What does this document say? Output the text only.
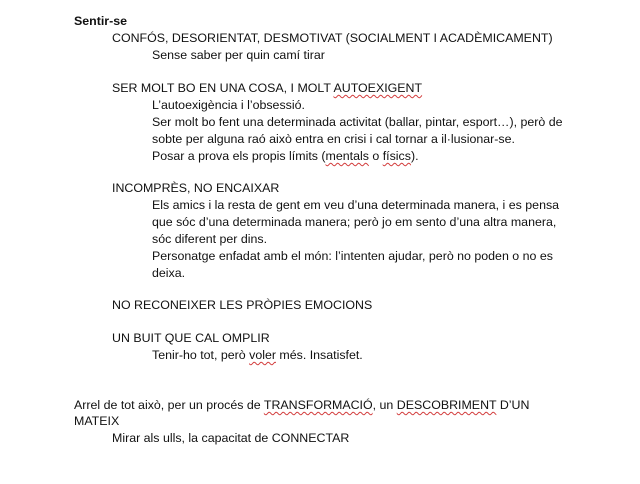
Sentir-se
CONFÓS, DESORIENTAT, DESMOTIVAT (SOCIALMENT I ACADÈMICAMENT)
Sense saber per quin camí tirar
SER MOLT BO EN UNA COSA, I MOLT AUTOEXIGENT
L’autoexigència i l’obsessió.
Ser molt bo fent una determinada activitat (ballar, pintar, esport…), però de
sobte per alguna raó això entra en crisi i cal tornar a il·lusionar-se.
Posar a prova els propis límits (mentals o físics).
INCOMPRÈS, NO ENCAIXAR
Els amics i la resta de gent em veu d’una determinada manera, i es pensa
que sóc d’una determinada manera; però jo em sento d’una altra manera,
sóc diferent per dins.
Personatge enfadat amb el món: l’intenten ajudar, però no poden o no es
deixa.
NO RECONEIXER LES PRÒPIES EMOCIONS
UN BUIT QUE CAL OMPLIR
Tenir-ho tot, però voler més. Insatisfet.
Arrel de tot això, per un procés de TRANSFORMACIÓ, un DESCOBRIMENT D’UN
MATEIX
Mirar als ulls, la capacitat de CONNECTAR
